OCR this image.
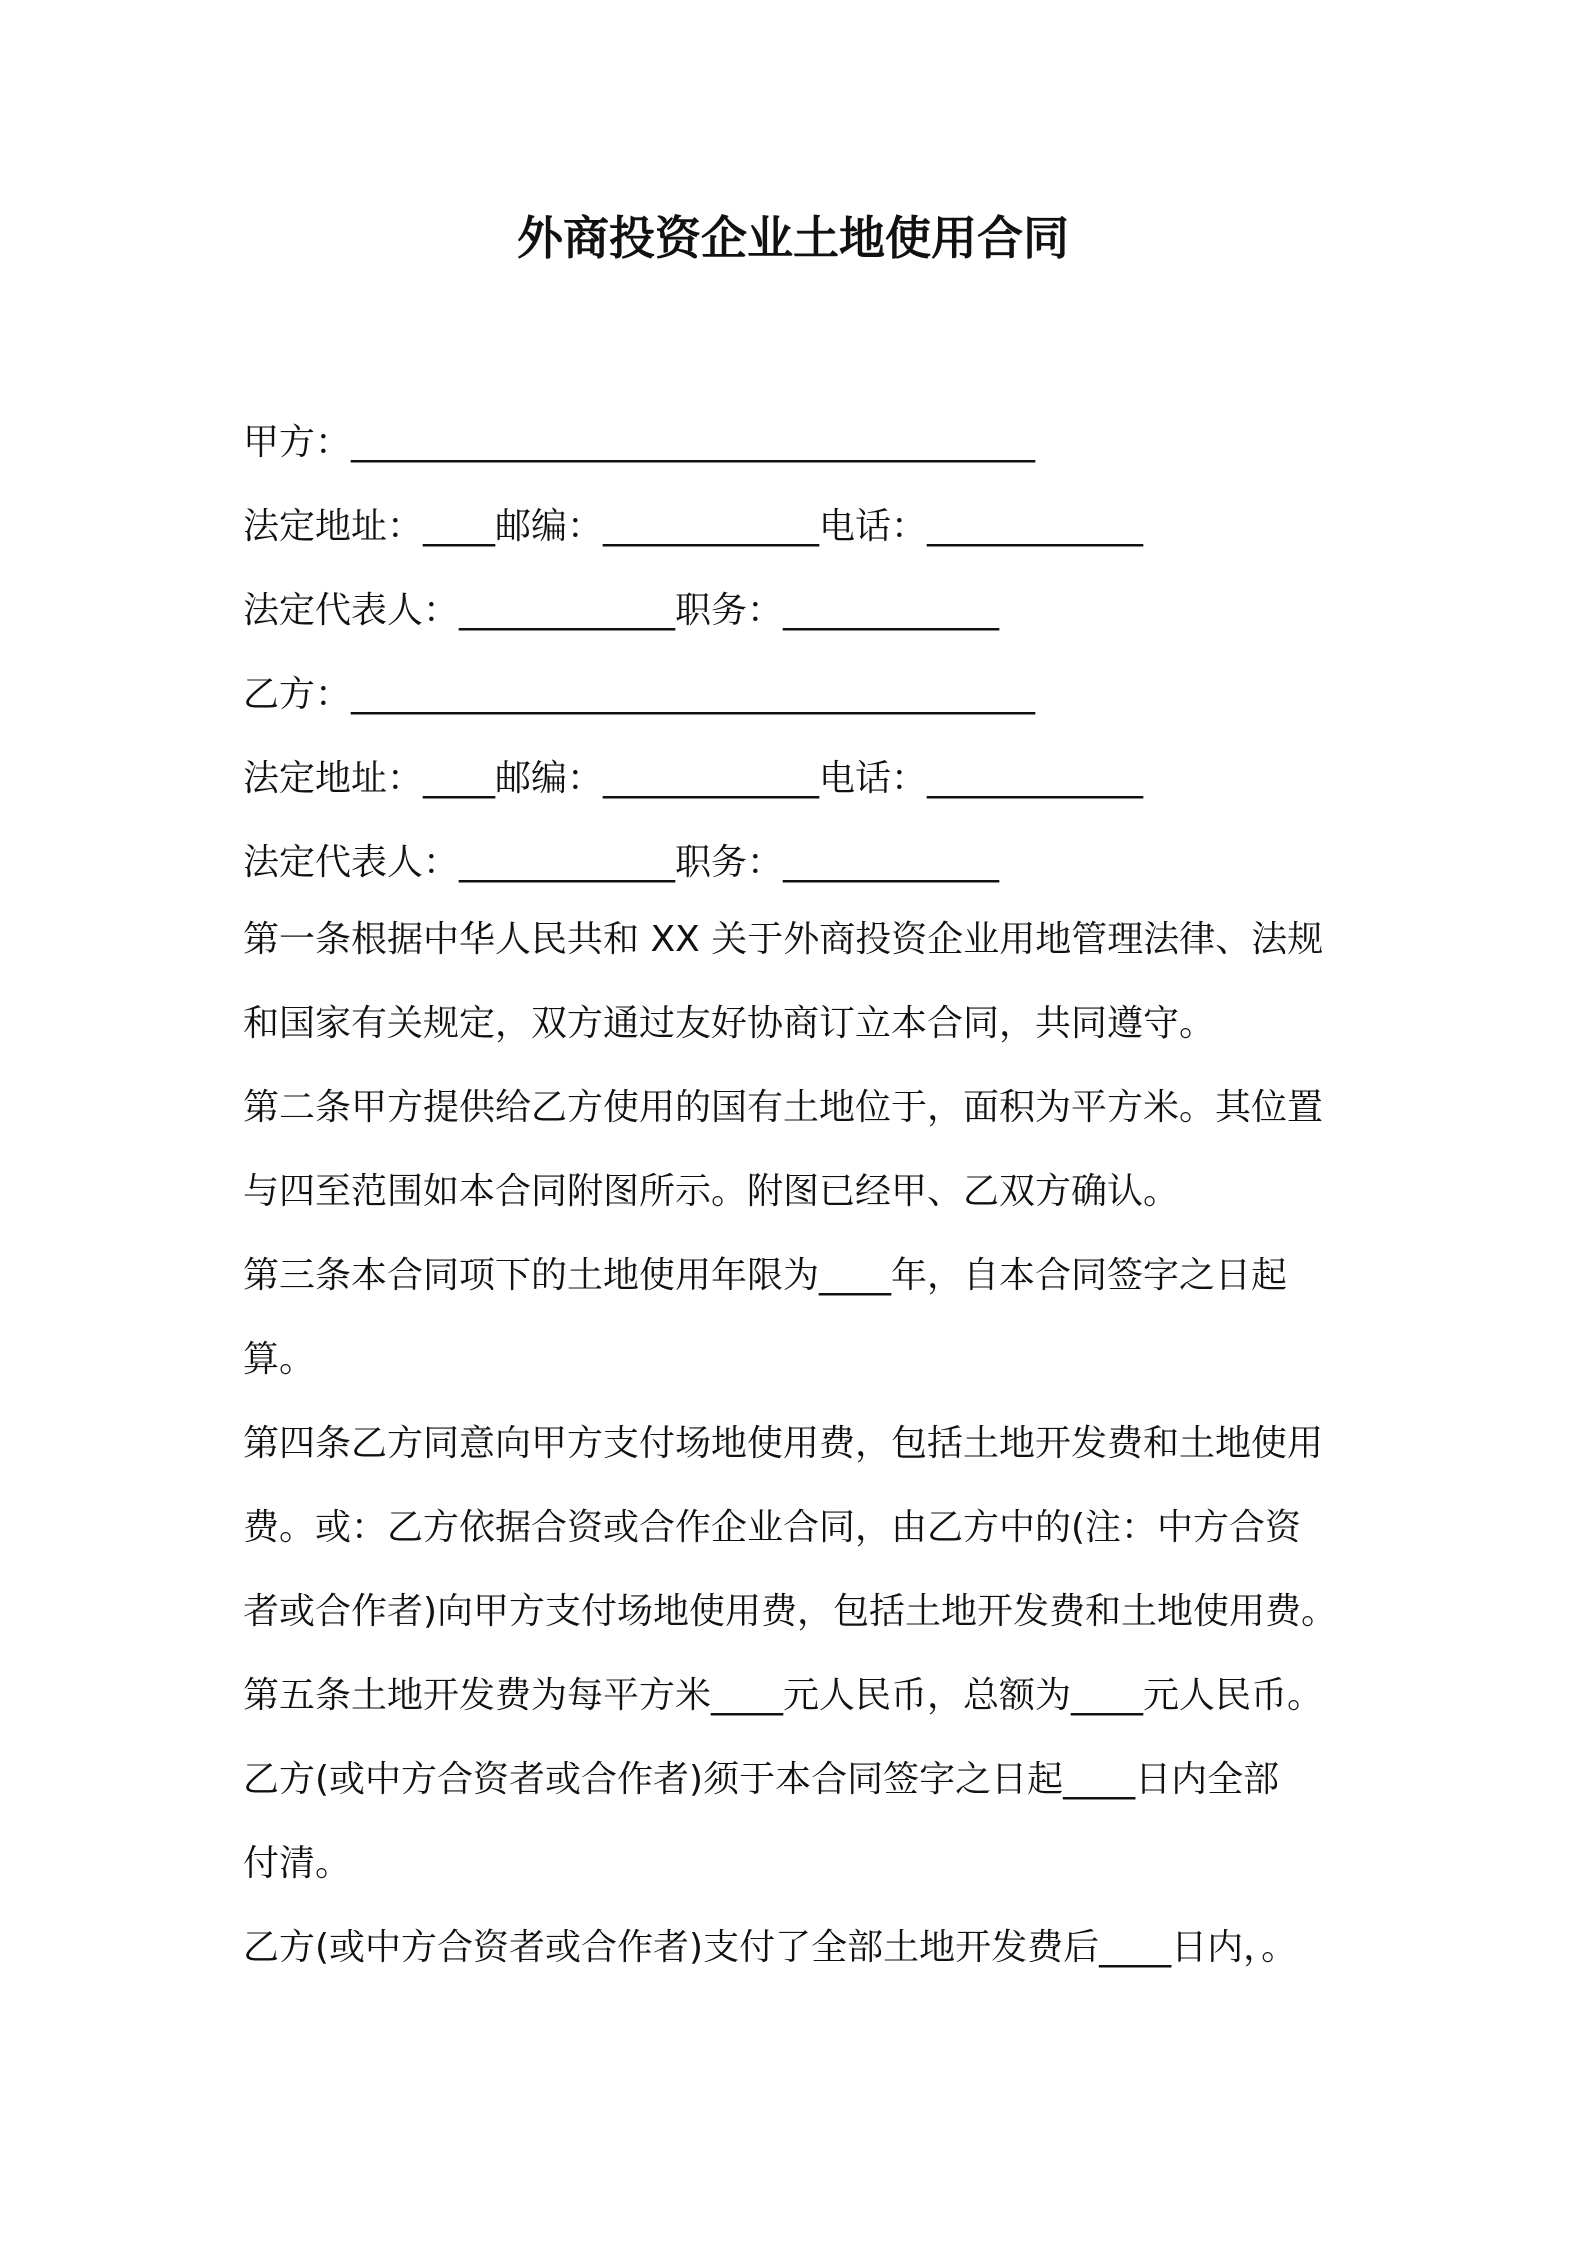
外商投资企业土地使用合同
甲方：______________________________________
法定地址：____邮编：____________电话：____________
法定代表人：____________职务：____________
乙方：______________________________________
法定地址：____邮编：____________电话：____________
法定代表人：____________职务：____________
第一条根据中华人民共和 XX 关于外商投资企业用地管理法律、法规
和国家有关规定，双方通过友好协商订立本合同，共同遵守。
第二条甲方提供给乙方使用的国有土地位于，面积为平方米。其位置
与四至范围如本合同附图所示。附图已经甲、乙双方确认。
第三条本合同项下的土地使用年限为____年，自本合同签字之日起
算。
第四条乙方同意向甲方支付场地使用费，包括土地开发费和土地使用
费。或：乙方依据合资或合作企业合同，由乙方中的(注：中方合资
者或合作者)向甲方支付场地使用费，包括土地开发费和土地使用费。
第五条土地开发费为每平方米____元人民币，总额为____元人民币。
乙方(或中方合资者或合作者)须于本合同签字之日起____日内全部
付清。
乙方(或中方合资者或合作者)支付了全部土地开发费后____日内，。
